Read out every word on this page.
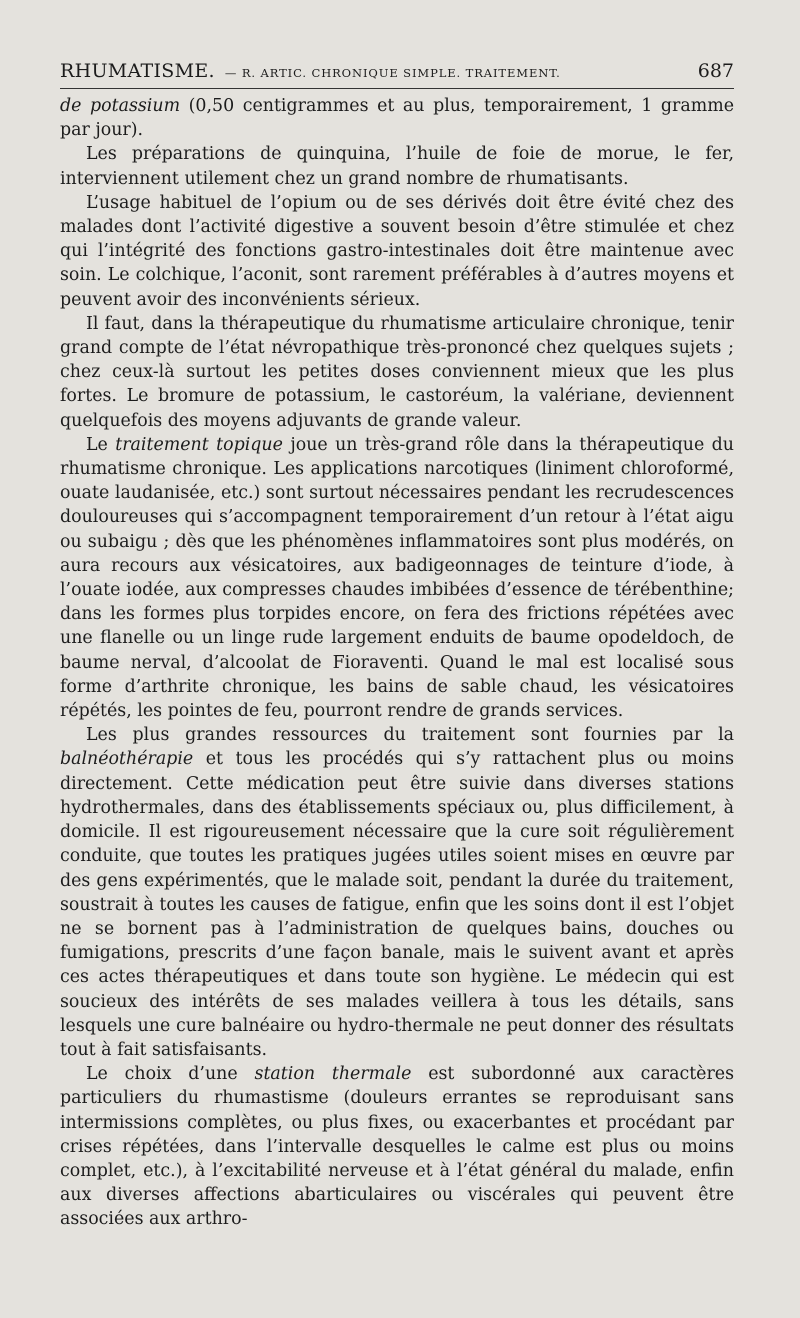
RHUMATISME. — R. ARTIC. CHRONIQUE SIMPLE. TRAITEMENT.	687

de potassium (0,50 centigrammes et au plus, temporairement, 1 gramme par jour).

Les préparations de quinquina, l’huile de foie de morue, le fer, interviennent utilement chez un grand nombre de rhumatisants.

L’usage habituel de l’opium ou de ses dérivés doit être évité chez des malades dont l’activité digestive a souvent besoin d’être stimulée et chez qui l’intégrité des fonctions gastro-intestinales doit être maintenue avec soin. Le colchique, l’aconit, sont rarement préférables à d’autres moyens et peuvent avoir des inconvénients sérieux.

Il faut, dans la thérapeutique du rhumatisme articulaire chronique, tenir grand compte de l’état névropathique très-prononcé chez quelques sujets ; chez ceux-là surtout les petites doses conviennent mieux que les plus fortes. Le bromure de potassium, le castoréum, la valériane, deviennent quelquefois des moyens adjuvants de grande valeur.

Le traitement topique joue un très-grand rôle dans la thérapeutique du rhumatisme chronique. Les applications narcotiques (liniment chloroformé, ouate laudanisée, etc.) sont surtout nécessaires pendant les recrudescences douloureuses qui s’accompagnent temporairement d’un retour à l’état aigu ou subaigu ; dès que les phénomènes inflammatoires sont plus modérés, on aura recours aux vésicatoires, aux badigeonnages de teinture d’iode, à l’ouate iodée, aux compresses chaudes imbibées d’essence de térébenthine; dans les formes plus torpides encore, on fera des frictions répétées avec une flanelle ou un linge rude largement enduits de baume opodeldoch, de baume nerval, d’alcoolat de Fioraventi. Quand le mal est localisé sous forme d’arthrite chronique, les bains de sable chaud, les vésicatoires répétés, les pointes de feu, pourront rendre de grands services.

Les plus grandes ressources du traitement sont fournies par la balnéothérapie et tous les procédés qui s’y rattachent plus ou moins directement. Cette médication peut être suivie dans diverses stations hydrothermales, dans des établissements spéciaux ou, plus difficilement, à domicile. Il est rigoureusement nécessaire que la cure soit régulièrement conduite, que toutes les pratiques jugées utiles soient mises en œuvre par des gens expérimentés, que le malade soit, pendant la durée du traitement, soustrait à toutes les causes de fatigue, enfin que les soins dont il est l’objet ne se bornent pas à l’administration de quelques bains, douches ou fumigations, prescrits d’une façon banale, mais le suivent avant et après ces actes thérapeutiques et dans toute son hygiène. Le médecin qui est soucieux des intérêts de ses malades veillera à tous les détails, sans lesquels une cure balnéaire ou hydro-thermale ne peut donner des résultats tout à fait satisfaisants.

Le choix d’une station thermale est subordonné aux caractères particuliers du rhumastisme (douleurs errantes se reproduisant sans intermissions complètes, ou plus fixes, ou exacerbantes et procédant par crises répétées, dans l’intervalle desquelles le calme est plus ou moins complet, etc.), à l’excitabilité nerveuse et à l’état général du malade, enfin aux diverses affections abarticulaires ou viscérales qui peuvent être associées aux arthro-
